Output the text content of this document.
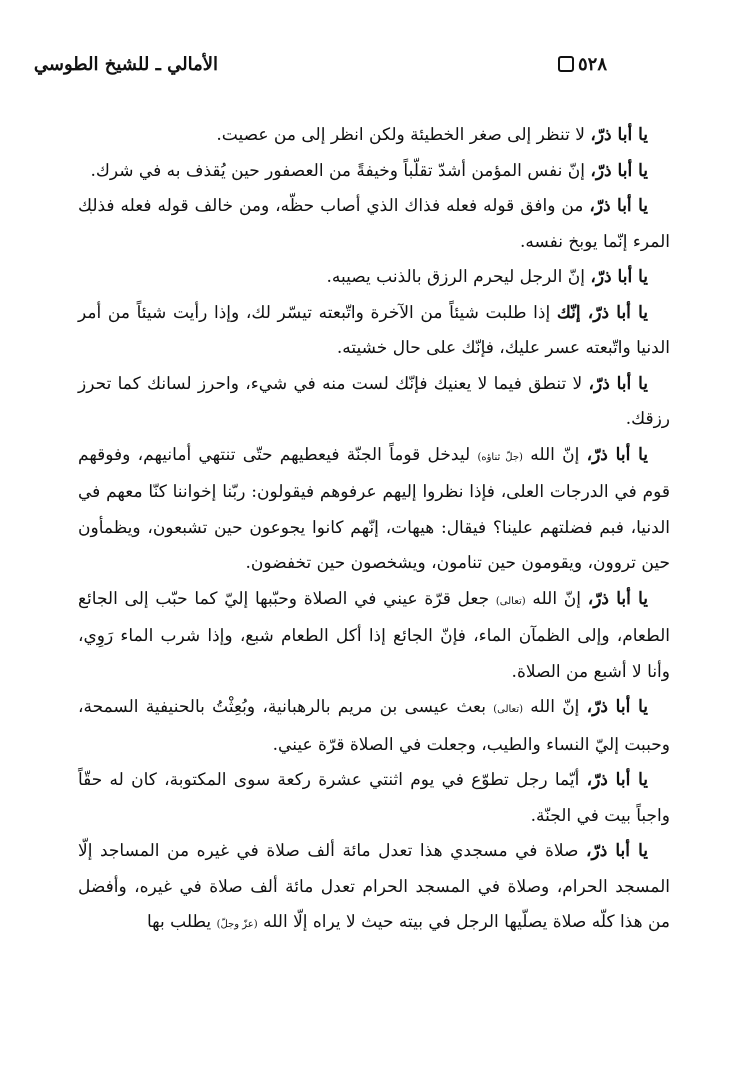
٥٢٨
الأمالي ـ للشيخ الطوسي

يا أبا ذرّ، لا تنظر إلى صغر الخطيئة ولكن انظر إلى من عصيت.

يا أبا ذرّ، إنّ نفس المؤمن أشدّ تقلّباً وخيفةً من العصفور حين يُقذف به في شرك.

يا أبا ذرّ، من وافق قوله فعله فذاك الذي أصاب حظّه، ومن خالف قوله فعله فذلك المرء إنّما يوبخ نفسه.

يا أبا ذرّ، إنّ الرجل ليحرم الرزق بالذنب يصيبه.

يا أبا ذرّ، إنّك إذا طلبت شيئاً من الآخرة واتّبعته تيسّر لك، وإذا رأيت شيئاً من أمر الدنيا واتّبعته عسر عليك، فإنّك على حال خشيته.

يا أبا ذرّ، لا تنطق فيما لا يعنيك فإنّك لست منه في شيء، واحرز لسانك كما تحرز رزقك.

يا أبا ذرّ، إنّ الله (جلّ ثناؤه) ليدخل قوماً الجنّة فيعطيهم حتّى تنتهي أمانيهم، وفوقهم قوم في الدرجات العلى، فإذا نظروا إليهم عرفوهم فيقولون: ربّنا إخواننا كنّا معهم في الدنيا، فبم فضلتهم علينا؟ فيقال: هيهات، إنّهم كانوا يجوعون حين تشبعون، ويظمأون حين تروون، ويقومون حين تنامون، ويشخصون حين تخفضون.

يا أبا ذرّ، إنّ الله (تعالى) جعل قرّة عيني في الصلاة وحبّبها إليّ كما حبّب إلى الجائع الطعام، وإلى الظمآن الماء، فإنّ الجائع إذا أكل الطعام شبع، وإذا شرب الماء رَوِي، وأنا لا أشبع من الصلاة.

يا أبا ذرّ، إنّ الله (تعالى) بعث عيسى بن مريم بالرهبانية، وبُعِثْتُ بالحنيفية السمحة، وحببت إليّ النساء والطيب، وجعلت في الصلاة قرّة عيني.

يا أبا ذرّ، أيّما رجل تطوّع في يوم اثنتي عشرة ركعة سوى المكتوبة، كان له حقّاً واجباً بيت في الجنّة.

يا أبا ذرّ، صلاة في مسجدي هذا تعدل مائة ألف صلاة في غيره من المساجد إلّا المسجد الحرام، وصلاة في المسجد الحرام تعدل مائة ألف صلاة في غيره، وأفضل من هذا كلّه صلاة يصلّيها الرجل في بيته حيث لا يراه إلّا الله (عزّ وجلّ) يطلب بها
